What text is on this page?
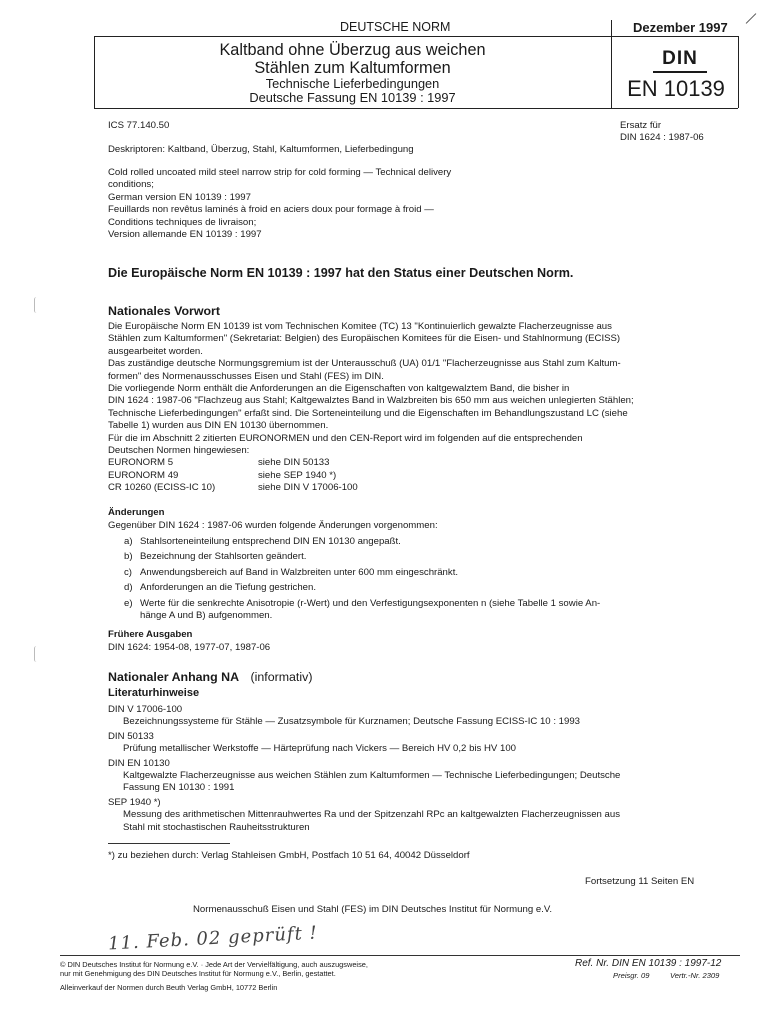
DEUTSCHE NORM	Dezember 1997
Kaltband ohne Überzug aus weichen
Stählen zum Kaltumformen
Technische Lieferbedingungen
Deutsche Fassung EN 10139 : 1997
DIN
EN 10139
ICS 77.140.50	Ersatz für
DIN 1624 : 1987-06
Deskriptoren: Kaltband, Überzug, Stahl, Kaltumformen, Lieferbedingung
Cold rolled uncoated mild steel narrow strip for cold forming — Technical delivery
conditions;
German version EN 10139 : 1997
Feuillards non revêtus laminés à froid en aciers doux pour formage à froid —
Conditions techniques de livraison;
Version allemande EN 10139 : 1997
Die Europäische Norm EN 10139 : 1997 hat den Status einer Deutschen Norm.
Nationales Vorwort
Die Europäische Norm EN 10139 ist vom Technischen Komitee (TC) 13 "Kontinuierlich gewalzte Flacherzeugnisse aus
Stählen zum Kaltumformen" (Sekretariat: Belgien) des Europäischen Komitees für die Eisen- und Stahlnormung (ECISS)
ausgearbeitet worden.
Das zuständige deutsche Normungsgremium ist der Unterausschuß (UA) 01/1 "Flacherzeugnisse aus Stahl zum Kaltum-
formen" des Normenausschusses Eisen und Stahl (FES) im DIN.
Die vorliegende Norm enthält die Anforderungen an die Eigenschaften von kaltgewalztem Band, die bisher in
DIN 1624 : 1987-06 "Flachzeug aus Stahl; Kaltgewalztes Band in Walzbreiten bis 650 mm aus weichen unlegierten Stählen;
Technische Lieferbedingungen" erfaßt sind. Die Sorteneinteilung und die Eigenschaften im Behandlungszustand LC (siehe
Tabelle 1) wurden aus DIN EN 10130 übernommen.
Für die im Abschnitt 2 zitierten EURONORMEN und den CEN-Report wird im folgenden auf die entsprechenden
Deutschen Normen hingewiesen:
EURONORM 5	siehe DIN 50133
EURONORM 49	siehe SEP 1940 *)
CR 10260 (ECISS-IC 10)	siehe DIN V 17006-100
Änderungen
Gegenüber DIN 1624 : 1987-06 wurden folgende Änderungen vorgenommen:
a) Stahlsorteneinteilung entsprechend DIN EN 10130 angepaßt.
b) Bezeichnung der Stahlsorten geändert.
c) Anwendungsbereich auf Band in Walzbreiten unter 600 mm eingeschränkt.
d) Anforderungen an die Tiefung gestrichen.
e) Werte für die senkrechte Anisotropie (r-Wert) und den Verfestigungsexponenten n (siehe Tabelle 1 sowie An-
hänge A und B) aufgenommen.
Frühere Ausgaben
DIN 1624: 1954-08, 1977-07, 1987-06
Nationaler Anhang NA (informativ)
Literaturhinweise
DIN V 17006-100
Bezeichnungssysteme für Stähle — Zusatzsymbole für Kurznamen; Deutsche Fassung ECISS-IC 10 : 1993
DIN 50133
Prüfung metallischer Werkstoffe — Härteprüfung nach Vickers — Bereich HV 0,2 bis HV 100
DIN EN 10130
Kaltgewalzte Flacherzeugnisse aus weichen Stählen zum Kaltumformen — Technische Lieferbedingungen; Deutsche
Fassung EN 10130 : 1991
SEP 1940 *)
Messung des arithmetischen Mittenrauhwertes Ra und der Spitzenzahl RPc an kaltgewalzten Flacherzeugnissen aus
Stahl mit stochastischen Rauheitsstrukturen
*) zu beziehen durch: Verlag Stahleisen GmbH, Postfach 10 51 64, 40042 Düsseldorf
Fortsetzung 11 Seiten EN
Normenausschuß Eisen und Stahl (FES) im DIN Deutsches Institut für Normung e.V.
11. Feb. 02 geprüft !
© DIN Deutsches Institut für Normung e.V. · Jede Art der Vervielfältigung, auch auszugsweise,
nur mit Genehmigung des DIN Deutsches Institut für Normung e.V., Berlin, gestattet.
Alleinverkauf der Normen durch Beuth Verlag GmbH, 10772 Berlin
Ref. Nr. DIN EN 10139 : 1997-12
Preisgr. 09	Vertr.-Nr. 2309
